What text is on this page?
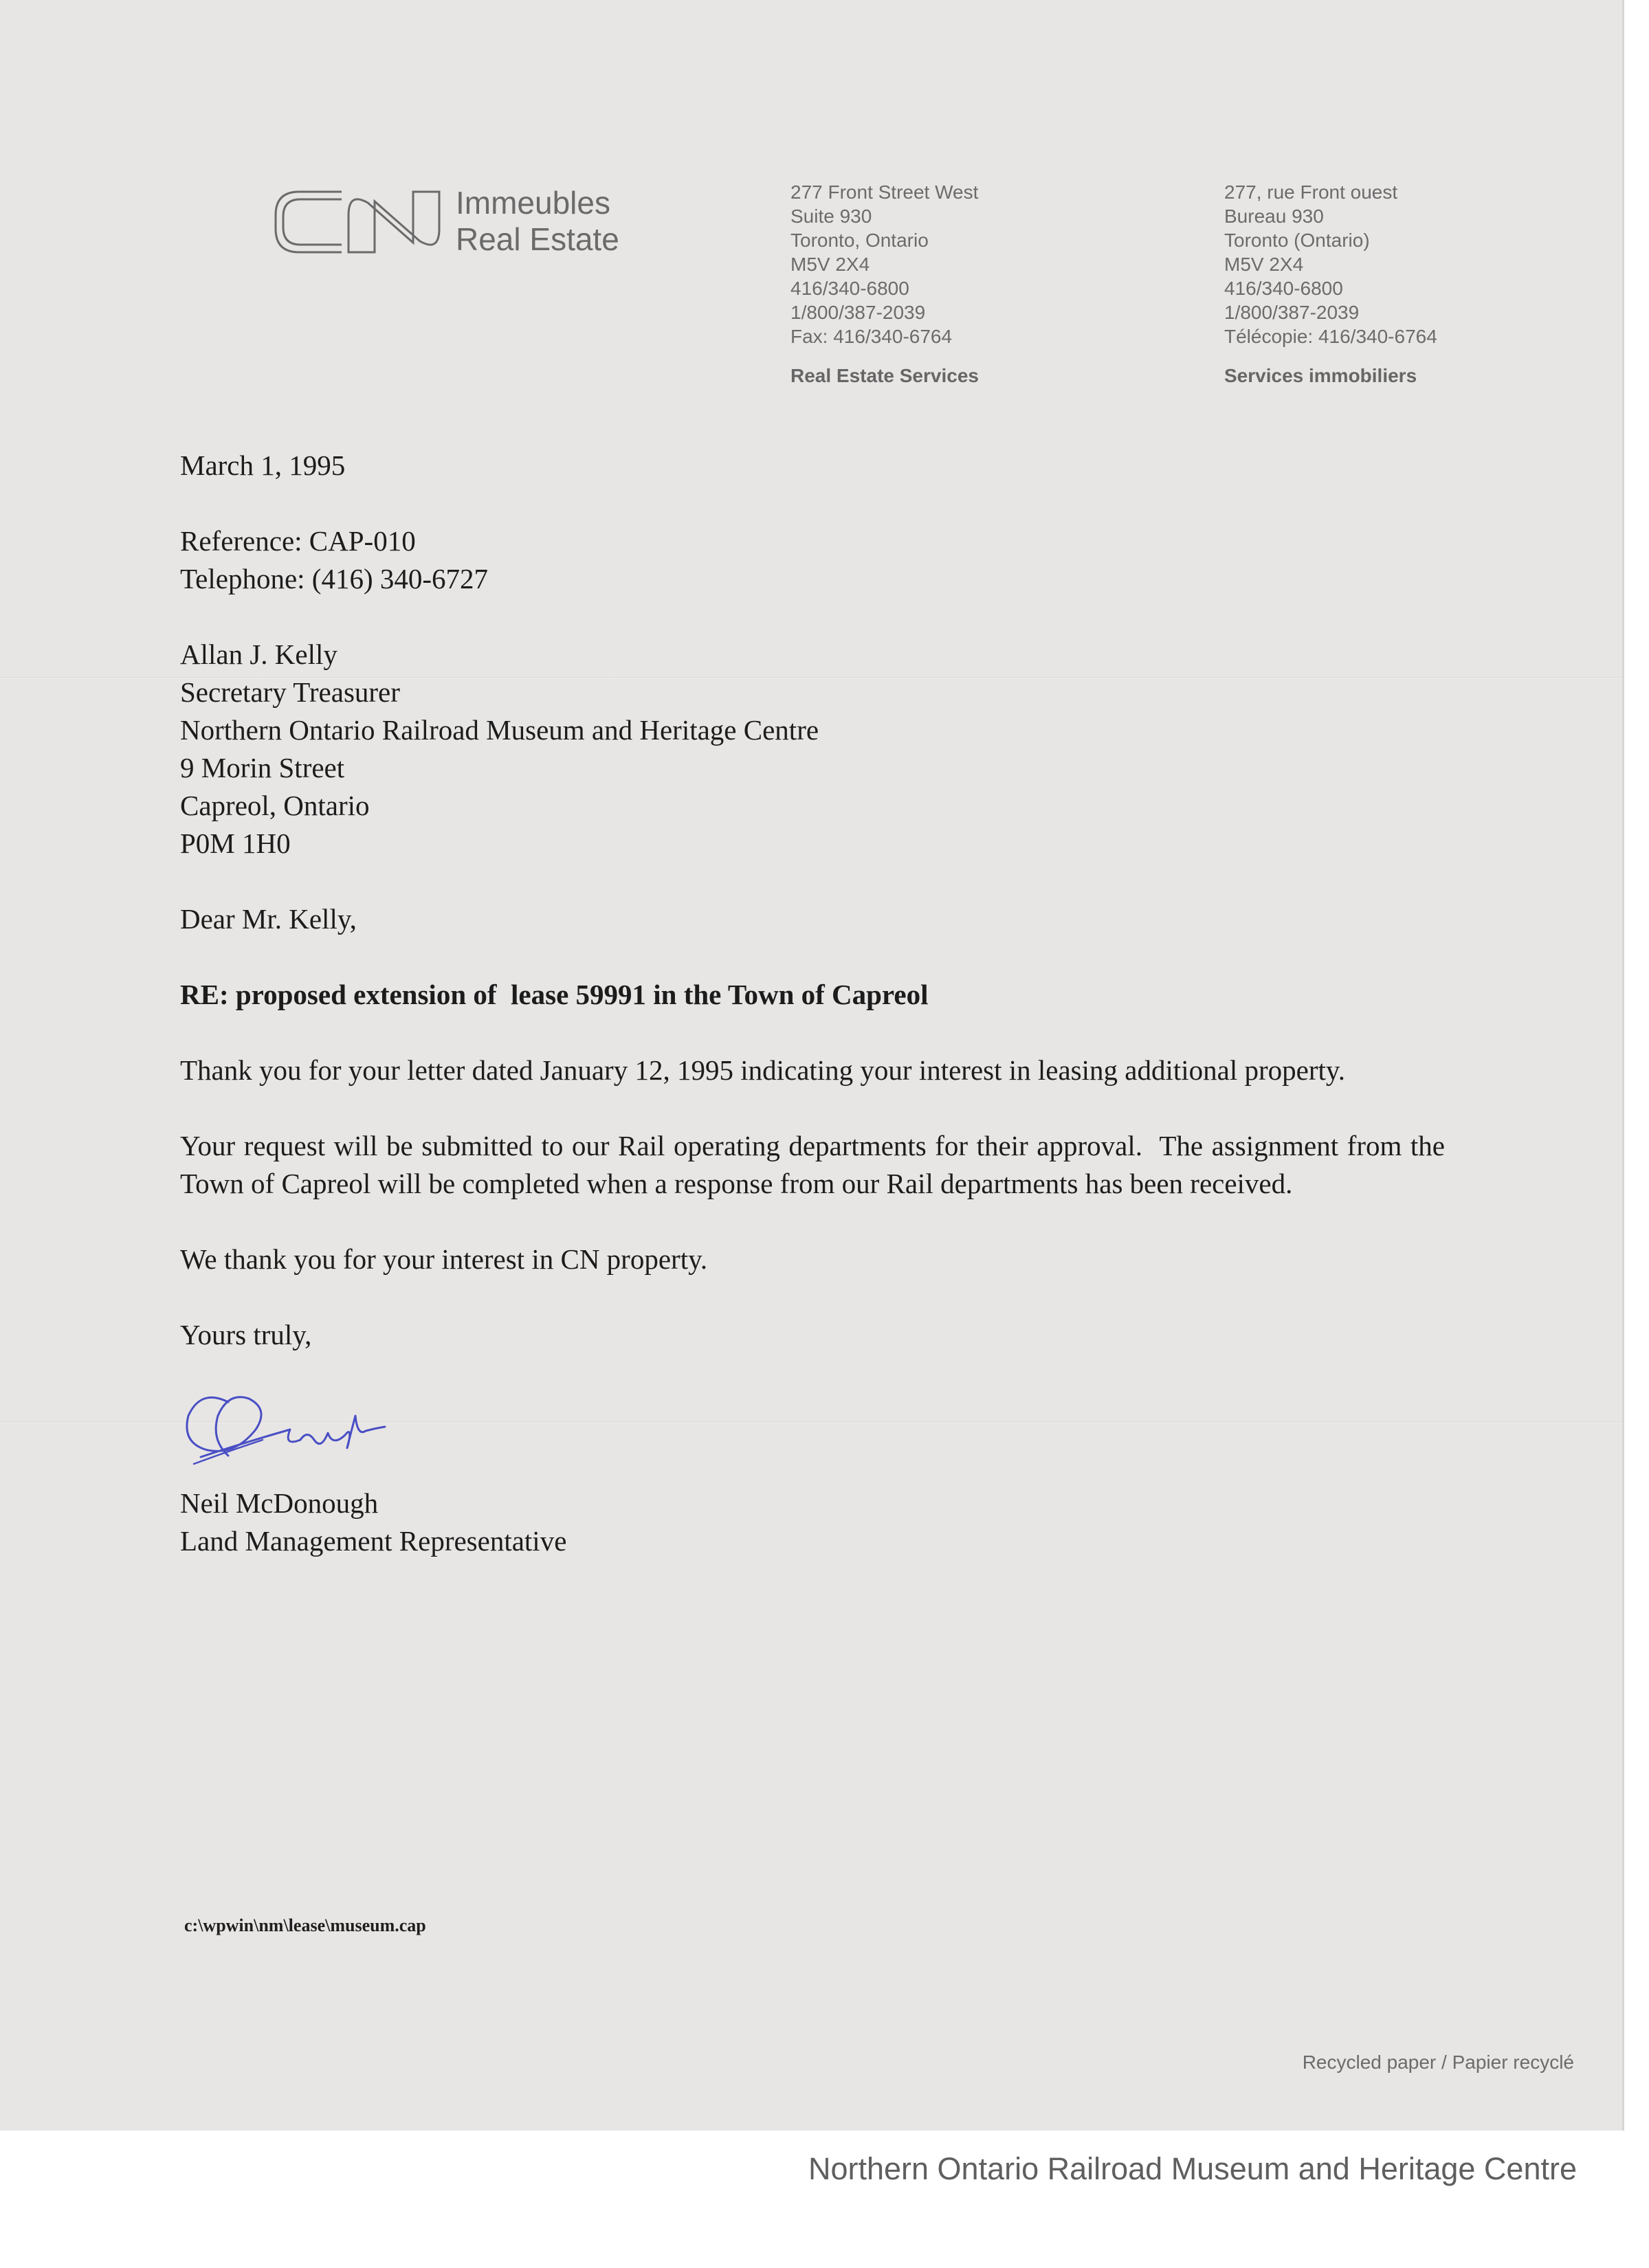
Immeubles
Real Estate
277 Front Street West
Suite 930
Toronto, Ontario
M5V 2X4
416/340-6800
1/800/387-2039
Fax: 416/340-6764
Real Estate Services
277, rue Front ouest
Bureau 930
Toronto (Ontario)
M5V 2X4
416/340-6800
1/800/387-2039
Télécopie: 416/340-6764
Services immobiliers

March 1, 1995

Reference: CAP-010
Telephone: (416) 340-6727

Allan J. Kelly
Secretary Treasurer
Northern Ontario Railroad Museum and Heritage Centre
9 Morin Street
Capreol, Ontario
P0M 1H0

Dear Mr. Kelly,

RE: proposed extension of  lease 59991 in the Town of Capreol

Thank you for your letter dated January 12, 1995 indicating your interest in leasing additional property.

Your request will be submitted to our Rail operating departments for their approval.  The assignment from the Town of Capreol will be completed when a response from our Rail departments has been received.

We thank you for your interest in CN property.

Yours truly,

Neil McDonough
Land Management Representative

c:\wpwin\nm\lease\museum.cap
Recycled paper / Papier recyclé
Northern Ontario Railroad Museum and Heritage Centre
